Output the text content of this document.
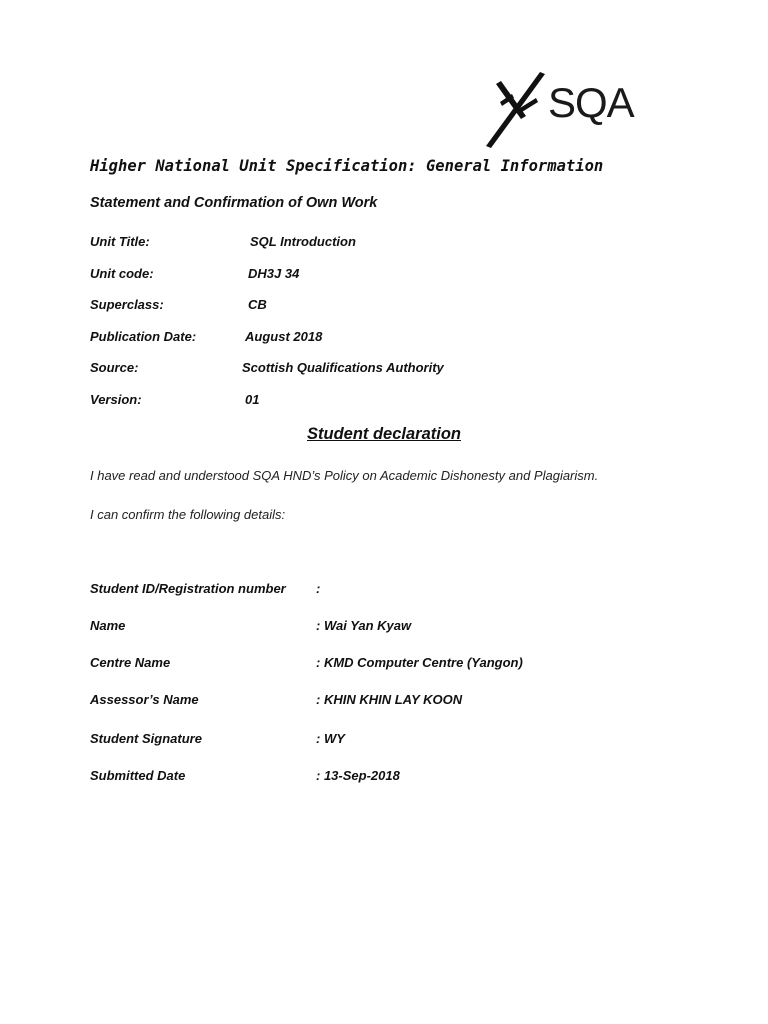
SQA
Higher National Unit Specification: General Information
Statement and Confirmation of Own Work
Unit Title:	SQL Introduction
Unit code:	DH3J 34
Superclass:	CB
Publication Date:	August 2018
Source:	Scottish Qualifications Authority
Version:	01
Student declaration
I have read and understood SQA HND’s Policy on Academic Dishonesty and Plagiarism.
I can confirm the following details:
Student ID/Registration number :
Name	: Wai Yan Kyaw
Centre Name	: KMD Computer Centre (Yangon)
Assessor’s Name	: KHIN KHIN LAY KOON
Student Signature	: WY
Submitted Date	: 13-Sep-2018
